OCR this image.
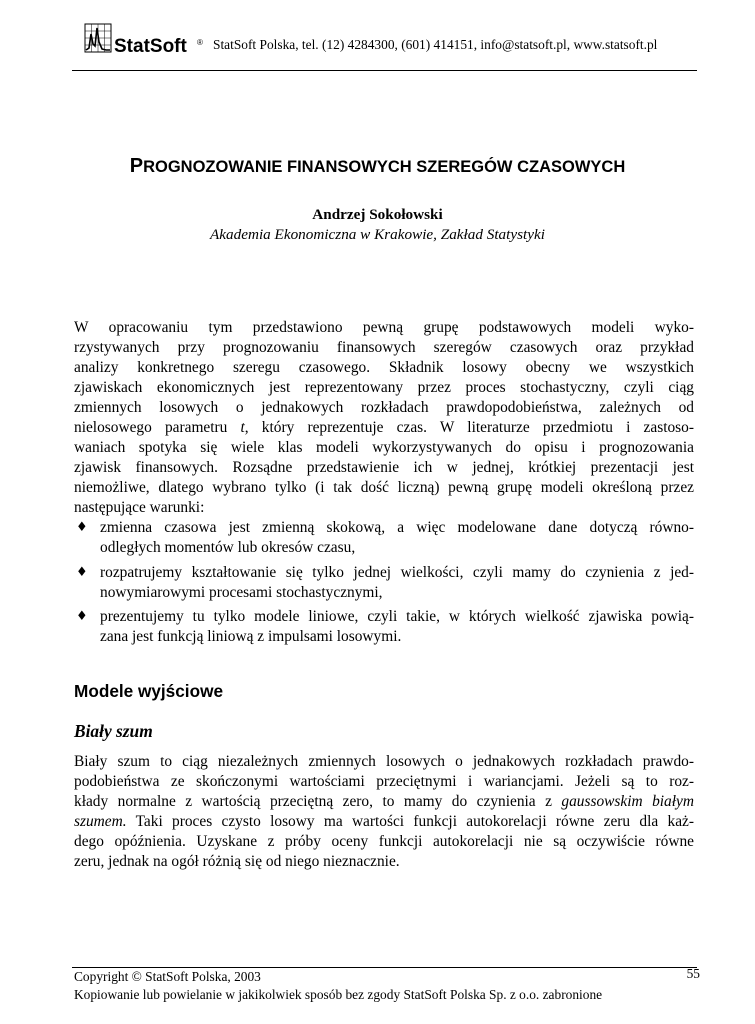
StatSoft ® StatSoft Polska, tel. (12) 4284300, (601) 414151, info@statsoft.pl, www.statsoft.pl
PROGNOZOWANIE FINANSOWYCH SZEREGÓW CZASOWYCH
Andrzej Sokołowski
Akademia Ekonomiczna w Krakowie, Zakład Statystyki
W opracowaniu tym przedstawiono pewną grupę podstawowych modeli wyko-
rzystywanych przy prognozowaniu finansowych szeregów czasowych oraz przykład
analizy konkretnego szeregu czasowego. Składnik losowy obecny we wszystkich
zjawiskach ekonomicznych jest reprezentowany przez proces stochastyczny, czyli ciąg
zmiennych losowych o jednakowych rozkładach prawdopodobieństwa, zależnych od
nielosowego parametru t, który reprezentuje czas. W literaturze przedmiotu i zastoso-
waniach spotyka się wiele klas modeli wykorzystywanych do opisu i prognozowania
zjawisk finansowych. Rozsądne przedstawienie ich w jednej, krótkiej prezentacji jest
niemożliwe, dlatego wybrano tylko (i tak dość liczną) pewną grupę modeli określoną przez
następujące warunki:
♦ zmienna czasowa jest zmienną skokową, a więc modelowane dane dotyczą równo-
odległych momentów lub okresów czasu,
♦ rozpatrujemy kształtowanie się tylko jednej wielkości, czyli mamy do czynienia z jed-
nowymiarowymi procesami stochastycznymi,
♦ prezentujemy tu tylko modele liniowe, czyli takie, w których wielkość zjawiska powią-
zana jest funkcją liniową z impulsami losowymi.
Modele wyjściowe
Biały szum
Biały szum to ciąg niezależnych zmiennych losowych o jednakowych rozkładach prawdo-
podobieństwa ze skończonymi wartościami przeciętnymi i wariancjami. Jeżeli są to roz-
kłady normalne z wartością przeciętną zero, to mamy do czynienia z gaussowskim białym
szumem. Taki proces czysto losowy ma wartości funkcji autokorelacji równe zeru dla każ-
dego opóźnienia. Uzyskane z próby oceny funkcji autokorelacji nie są oczywiście równe
zeru, jednak na ogół różnią się od niego nieznacznie.
Copyright © StatSoft Polska, 2003
Kopiowanie lub powielanie w jakikolwiek sposób bez zgody StatSoft Polska Sp. z o.o. zabronione
55
